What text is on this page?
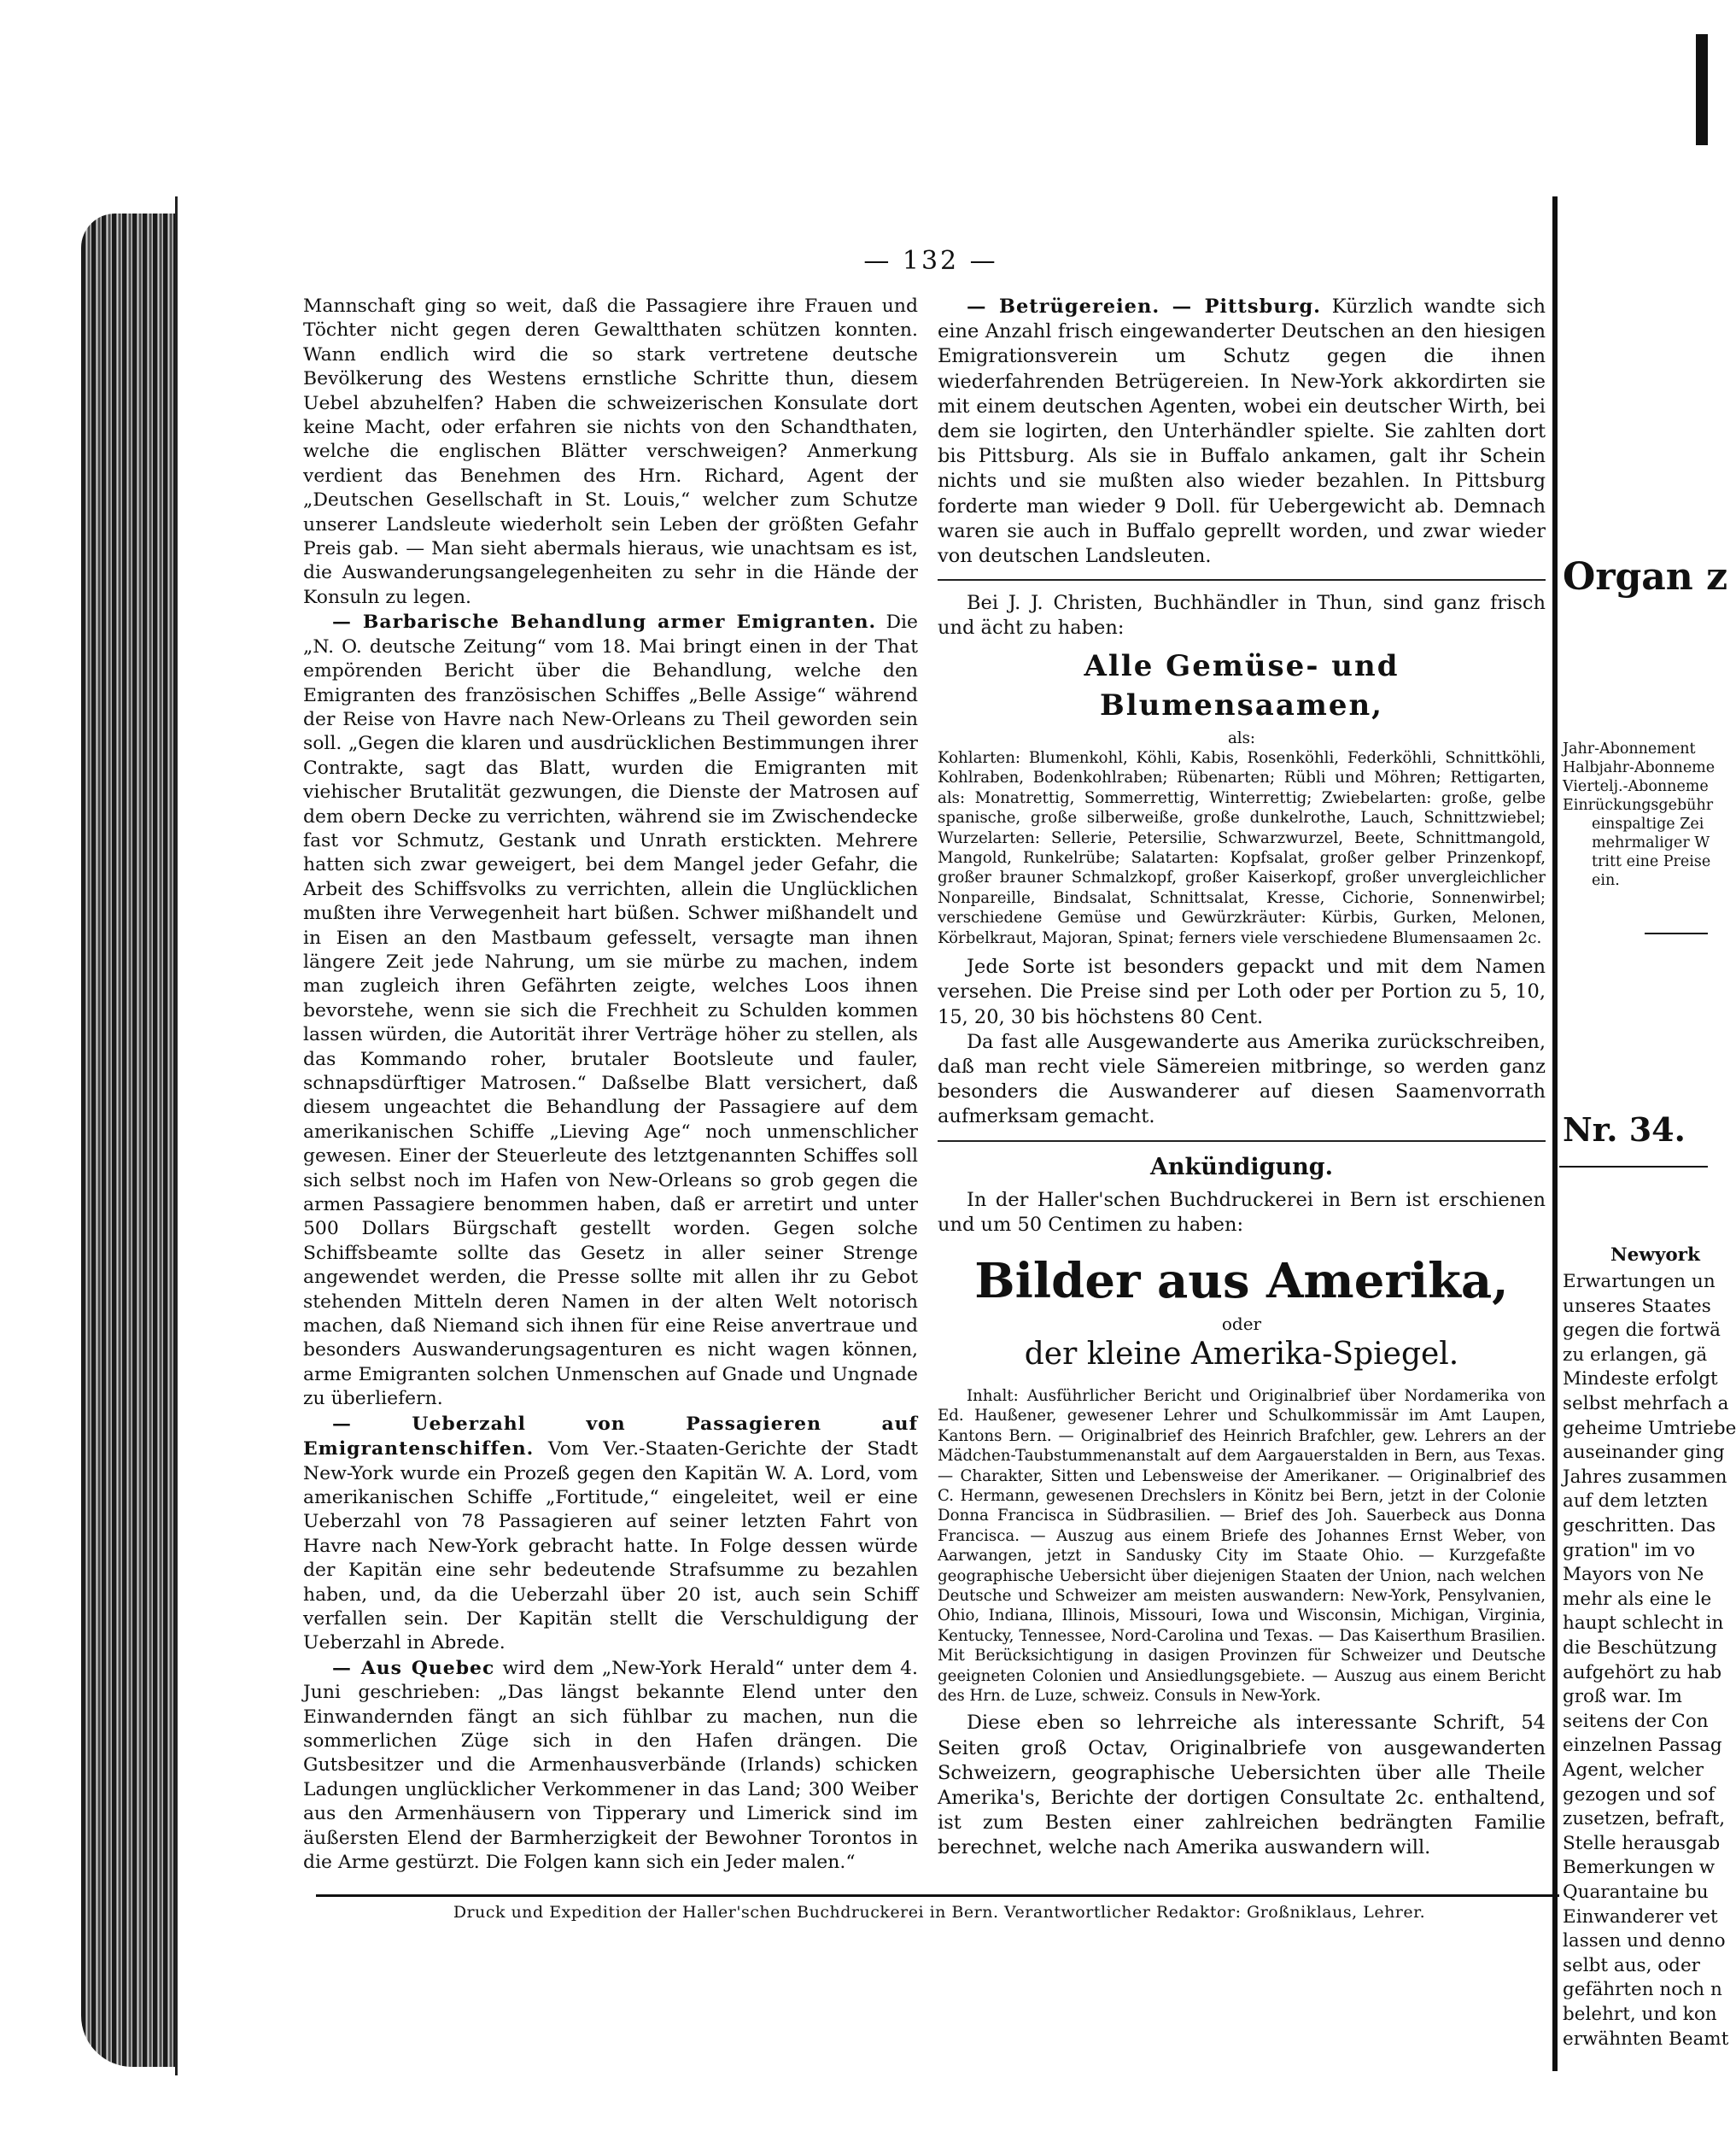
— 132 —

Mannschaft ging so weit, daß die Passagiere ihre Frauen und Töchter nicht gegen deren Gewaltthaten schützen konnten. Wann endlich wird die so stark vertretene deutsche Bevölkerung des Westens ernstliche Schritte thun, diesem Uebel abzuhelfen? Haben die schweizerischen Konsulate dort keine Macht, oder erfahren sie nichts von den Schandthaten, welche die englischen Blätter verschweigen? Anmerkung verdient das Benehmen des Hrn. Richard, Agent der „Deutschen Gesellschaft in St. Louis,“ welcher zum Schutze unserer Landsleute wiederholt sein Leben der größten Gefahr Preis gab. — Man sieht abermals hieraus, wie unachtsam es ist, die Auswanderungsangelegenheiten zu sehr in die Hände der Konsuln zu legen.

— Barbarische Behandlung armer Emigranten. Die „N. O. deutsche Zeitung“ vom 18. Mai bringt einen in der That empörenden Bericht über die Behandlung, welche den Emigranten des französischen Schiffes „Belle Assige“ während der Reise von Havre nach New-Orleans zu Theil geworden sein soll. „Gegen die klaren und ausdrücklichen Bestimmungen ihrer Contrakte, sagt das Blatt, wurden die Emigranten mit viehischer Brutalität gezwungen, die Dienste der Matrosen auf dem obern Decke zu verrichten, während sie im Zwischendecke fast vor Schmutz, Gestank und Unrath erstickten. Mehrere hatten sich zwar geweigert, bei dem Mangel jeder Gefahr, die Arbeit des Schiffsvolks zu verrichten, allein die Unglücklichen mußten ihre Verwegenheit hart büßen. Schwer mißhandelt und in Eisen an den Mastbaum gefesselt, versagte man ihnen längere Zeit jede Nahrung, um sie mürbe zu machen, indem man zugleich ihren Gefährten zeigte, welches Loos ihnen bevorstehe, wenn sie sich die Frechheit zu Schulden kommen lassen würden, die Autorität ihrer Verträge höher zu stellen, als das Kommando roher, brutaler Bootsleute und fauler, schnapsdürftiger Matrosen.“ Daßselbe Blatt versichert, daß diesem ungeachtet die Behandlung der Passagiere auf dem amerikanischen Schiffe „Lieving Age“ noch unmenschlicher gewesen. Einer der Steuerleute des letztgenannten Schiffes soll sich selbst noch im Hafen von New-Orleans so grob gegen die armen Passagiere benommen haben, daß er arretirt und unter 500 Dollars Bürgschaft gestellt worden. Gegen solche Schiffsbeamte sollte das Gesetz in aller seiner Strenge angewendet werden, die Presse sollte mit allen ihr zu Gebot stehenden Mitteln deren Namen in der alten Welt notorisch machen, daß Niemand sich ihnen für eine Reise anvertraue und besonders Auswanderungsagenturen es nicht wagen können, arme Emigranten solchen Unmenschen auf Gnade und Ungnade zu überliefern.

— Ueberzahl von Passagieren auf Emigrantenschiffen. Vom Ver.-Staaten-Gerichte der Stadt New-York wurde ein Prozeß gegen den Kapitän W. A. Lord, vom amerikanischen Schiffe „Fortitude,“ eingeleitet, weil er eine Ueberzahl von 78 Passagieren auf seiner letzten Fahrt von Havre nach New-York gebracht hatte. In Folge dessen würde der Kapitän eine sehr bedeutende Strafsumme zu bezahlen haben, und, da die Ueberzahl über 20 ist, auch sein Schiff verfallen sein. Der Kapitän stellt die Verschuldigung der Ueberzahl in Abrede.

— Aus Quebec wird dem „New-York Herald“ unter dem 4. Juni geschrieben: „Das längst bekannte Elend unter den Einwandernden fängt an sich fühlbar zu machen, nun die sommerlichen Züge sich in den Hafen drängen. Die Gutsbesitzer und die Armenhausverbände (Irlands) schicken Ladungen unglücklicher Verkommener in das Land; 300 Weiber aus den Armenhäusern von Tipperary und Limerick sind im äußersten Elend der Barmherzigkeit der Bewohner Torontos in die Arme gestürzt. Die Folgen kann sich ein Jeder malen.“

— Betrügereien. — Pittsburg. Kürzlich wandte sich eine Anzahl frisch eingewanderter Deutschen an den hiesigen Emigrationsverein um Schutz gegen die ihnen wiederfahrenden Betrügereien. In New-York akkordirten sie mit einem deutschen Agenten, wobei ein deutscher Wirth, bei dem sie logirten, den Unterhändler spielte. Sie zahlten dort bis Pittsburg. Als sie in Buffalo ankamen, galt ihr Schein nichts und sie mußten also wieder bezahlen. In Pittsburg forderte man wieder 9 Doll. für Uebergewicht ab. Demnach waren sie auch in Buffalo geprellt worden, und zwar wieder von deutschen Landsleuten.

Bei J. J. Christen, Buchhändler in Thun, sind ganz frisch und ächt zu haben:

Alle Gemüse- und Blumensaamen,
als:

Kohlarten: Blumenkohl, Köhli, Kabis, Rosenköhli, Federköhli, Schnittköhli, Kohlraben, Bodenkohlraben; Rübenarten; Rübli und Möhren; Rettigarten, als: Monatrettig, Sommerrettig, Winterrettig; Zwiebelarten: große, gelbe spanische, große silberweiße, große dunkelrothe, Lauch, Schnittzwiebel; Wurzelarten: Sellerie, Petersilie, Schwarzwurzel, Beete, Schnittmangold, Mangold, Runkelrübe; Salatarten: Kopfsalat, großer gelber Prinzenkopf, großer brauner Schmalzkopf, großer Kaiserkopf, großer unvergleichlicher Nonpareille, Bindsalat, Schnittsalat, Kresse, Cichorie, Sonnenwirbel; verschiedene Gemüse und Gewürzkräuter: Kürbis, Gurken, Melonen, Körbelkraut, Majoran, Spinat; ferners viele verschiedene Blumensaamen 2c.

Jede Sorte ist besonders gepackt und mit dem Namen versehen. Die Preise sind per Loth oder per Portion zu 5, 10, 15, 20, 30 bis höchstens 80 Cent.

Da fast alle Ausgewanderte aus Amerika zurückschreiben, daß man recht viele Sämereien mitbringe, so werden ganz besonders die Auswanderer auf diesen Saamenvorrath aufmerksam gemacht.

Ankündigung.

In der Haller'schen Buchdruckerei in Bern ist erschienen und um 50 Centimen zu haben:

Bilder aus Amerika,
oder
der kleine Amerika-Spiegel.

Inhalt: Ausführlicher Bericht und Originalbrief über Nordamerika von Ed. Haußener, gewesener Lehrer und Schulkommissär im Amt Laupen, Kantons Bern. — Originalbrief des Heinrich Brafchler, gew. Lehrers an der Mädchen-Taubstummenanstalt auf dem Aargauerstalden in Bern, aus Texas. — Charakter, Sitten und Lebensweise der Amerikaner. — Originalbrief des C. Hermann, gewesenen Drechslers in Könitz bei Bern, jetzt in der Colonie Donna Francisca in Südbrasilien. — Brief des Joh. Sauerbeck aus Donna Francisca. — Auszug aus einem Briefe des Johannes Ernst Weber, von Aarwangen, jetzt in Sandusky City im Staate Ohio. — Kurzgefaßte geographische Uebersicht über diejenigen Staaten der Union, nach welchen Deutsche und Schweizer am meisten auswandern: New-York, Pensylvanien, Ohio, Indiana, Illinois, Missouri, Iowa und Wisconsin, Michigan, Virginia, Kentucky, Tennessee, Nord-Carolina und Texas. — Das Kaiserthum Brasilien. Mit Berücksichtigung in dasigen Provinzen für Schweizer und Deutsche geeigneten Colonien und Ansiedlungsgebiete. — Auszug aus einem Bericht des Hrn. de Luze, schweiz. Consuls in New-York.

Diese eben so lehrreiche als interessante Schrift, 54 Seiten groß Octav, Originalbriefe von ausgewanderten Schweizern, geographische Uebersichten über alle Theile Amerika's, Berichte der dortigen Consultate 2c. enthaltend, ist zum Besten einer zahlreichen bedrängten Familie berechnet, welche nach Amerika auswandern will.

Druck und Expedition der Haller'schen Buchdruckerei in Bern. Verantwortlicher Redaktor: Großniklaus, Lehrer.
Organ z
Jahr-Abonnement
Halbjahr-Abonneme
Viertelj.-Abonneme
Einrückungsgebühr
einspaltige Zei
mehrmaliger W
tritt eine Preise
ein.
Nr. 34.
Newyork
Erwartungen un
unseres Staates
gegen die fortwä
zu erlangen, gä
Mindeste erfolgt
selbst mehrfach a
geheime Umtriebe
auseinander ging
Jahres zusammen
auf dem letzten
geschritten. Das
gration" im vo
Mayors von Ne
mehr als eine le
haupt schlecht in
die Beschützung
aufgehört zu hab
groß war. Im
seitens der Con
einzelnen Passag
Agent, welcher
gezogen und sof
zusetzen, befraft,
Stelle herausgab
Bemerkungen w
Quarantaine bu
Einwanderer vet
lassen und denno
selbt aus, oder
gefährten noch n
belehrt, und kon
erwähnten Beamt
